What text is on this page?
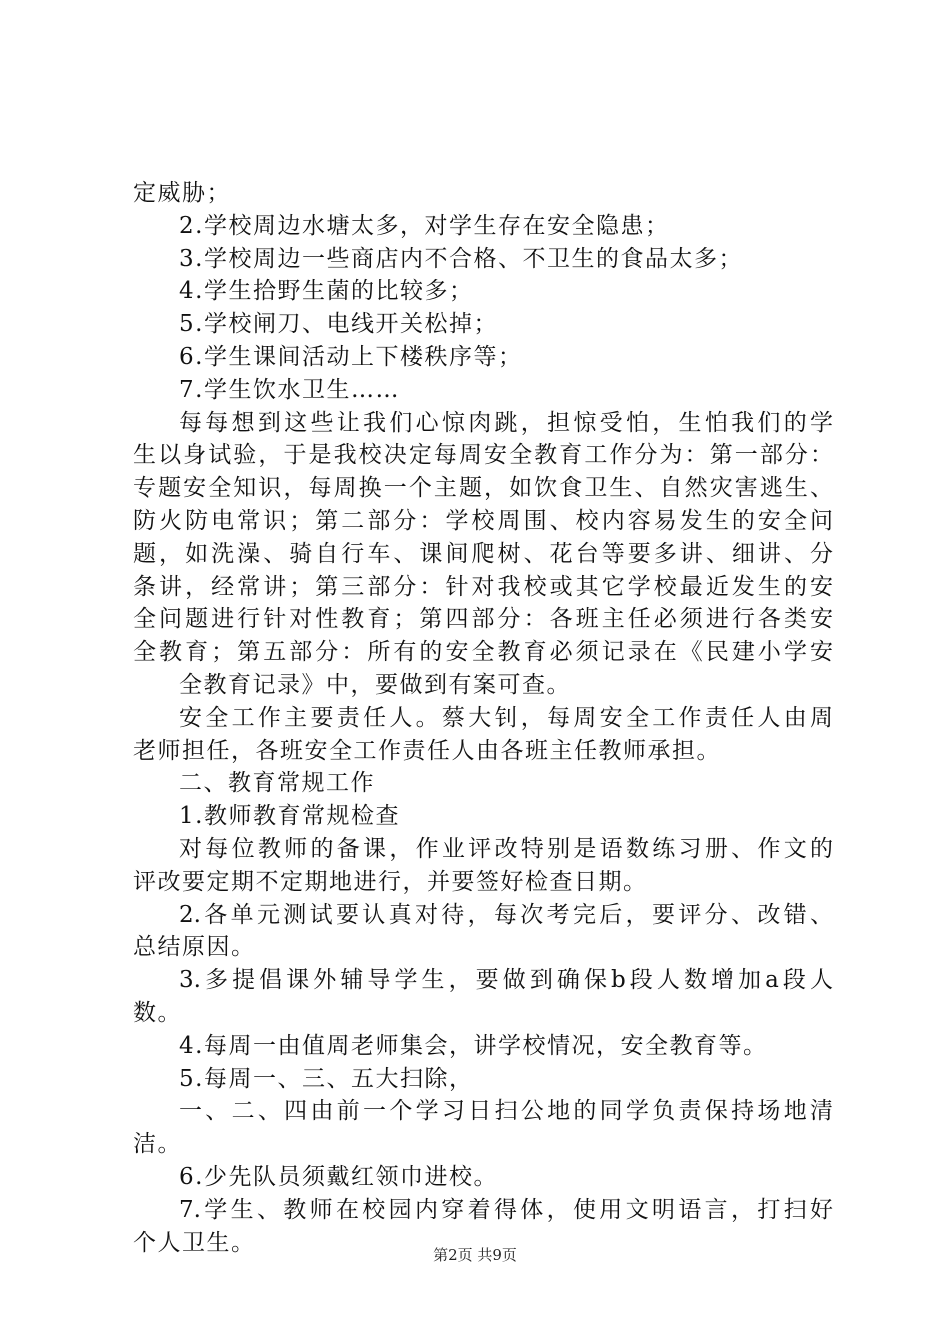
定威胁；
2.学校周边水塘太多，对学生存在安全隐患；
3.学校周边一些商店内不合格、不卫生的食品太多；
4.学生拾野生菌的比较多；
5.学校闸刀、电线开关松掉；
6.学生课间活动上下楼秩序等；
7.学生饮水卫生……
每每想到这些让我们心惊肉跳，担惊受怕，生怕我们的学
生以身试验，于是我校决定每周安全教育工作分为：第一部分：
专题安全知识，每周换一个主题，如饮食卫生、自然灾害逃生、
防火防电常识；第二部分：学校周围、校内容易发生的安全问
题，如洗澡、骑自行车、课间爬树、花台等要多讲、细讲、分
条讲，经常讲；第三部分：针对我校或其它学校最近发生的安
全问题进行针对性教育；第四部分：各班主任必须进行各类安
全教育；第五部分：所有的安全教育必须记录在《民建小学安
全教育记录》中，要做到有案可查。
安全工作主要责任人。蔡大钊，每周安全工作责任人由周
老师担任，各班安全工作责任人由各班主任教师承担。
二、教育常规工作
1.教师教育常规检查
对每位教师的备课，作业评改特别是语数练习册、作文的
评改要定期不定期地进行，并要签好检查日期。
2.各单元测试要认真对待，每次考完后，要评分、改错、
总结原因。
3.多提倡课外辅导学生，要做到确保b段人数增加a段人
数。
4.每周一由值周老师集会，讲学校情况，安全教育等。
5.每周一、三、五大扫除，
一、二、四由前一个学习日扫公地的同学负责保持场地清
洁。
6.少先队员须戴红领巾进校。
7.学生、教师在校园内穿着得体，使用文明语言，打扫好
个人卫生。	第2页 共9页
